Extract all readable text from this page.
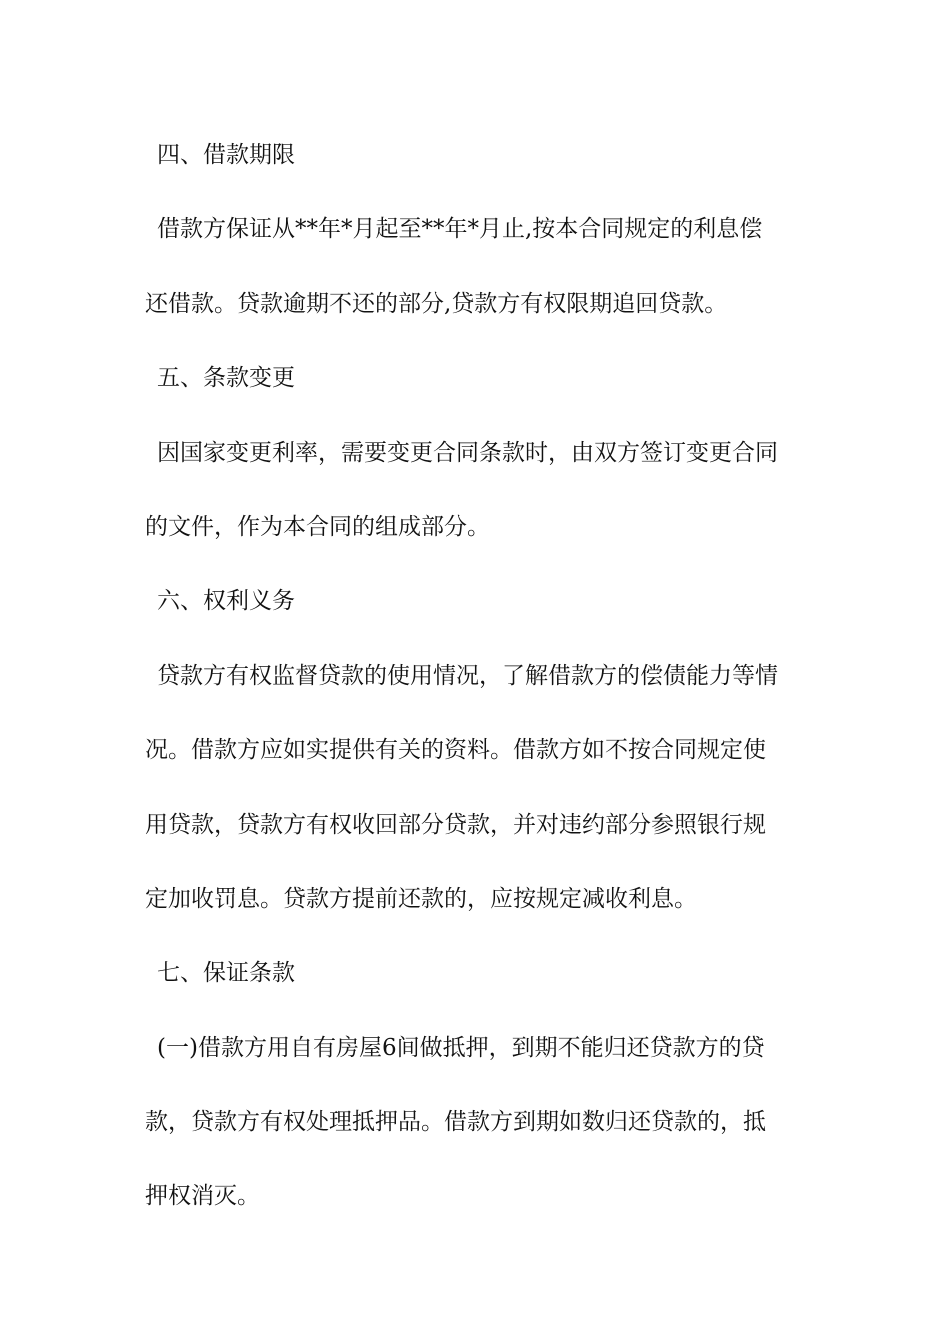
四、借款期限
借款方保证从**年*月起至**年*月止,按本合同规定的利息偿
还借款。贷款逾期不还的部分,贷款方有权限期追回贷款。
五、条款变更
因国家变更利率，需要变更合同条款时，由双方签订变更合同
的文件，作为本合同的组成部分。
六、权利义务
贷款方有权监督贷款的使用情况，了解借款方的偿债能力等情
况。借款方应如实提供有关的资料。借款方如不按合同规定使
用贷款，贷款方有权收回部分贷款，并对违约部分参照银行规
定加收罚息。贷款方提前还款的，应按规定减收利息。
七、保证条款
(一)借款方用自有房屋6间做抵押，到期不能归还贷款方的贷
款，贷款方有权处理抵押品。借款方到期如数归还贷款的，抵
押权消灭。
